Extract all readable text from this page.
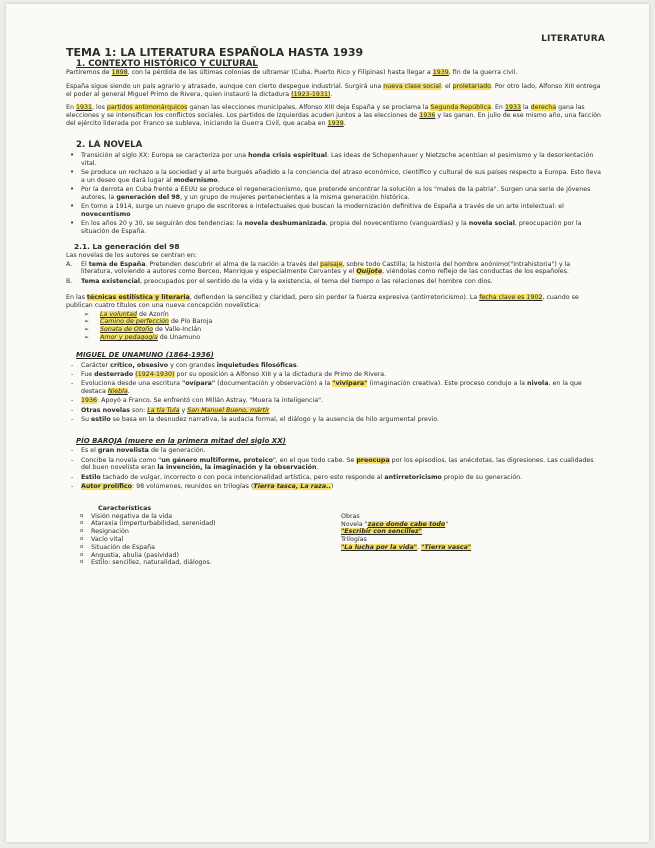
LITERATURA
TEMA 1: LA LITERATURA ESPAÑOLA HASTA 1939
1. CONTEXTO HISTÓRICO Y CULTURAL

Partiremos de 1898, con la pérdida de las últimas colonias de ultramar (Cuba, Puerto Rico y Filipinas) hasta llegar a 1939, fin de la guerra civil.

España sigue siendo un país agrario y atrasado, aunque con cierto despegue industrial. Surgirá una nueva clase social: el proletariado. Por otro lado, Alfonso XIII entrega el poder al general Miguel Primo de Rivera, quien instauró la dictadura (1923-1931).

En 1931, los partidos antimonárquicos ganan las elecciones municipales, Alfonso XIII deja España y se proclama la Segunda República. En 1933 la derecha gana las elecciones y se intensifican los conflictos sociales. Los partidos de izquierdas acuden juntos a las elecciones de 1936 y las ganan. En julio de ese mismo año, una facción del ejército liderada por Franco se subleva, iniciando la Guerra Civil, que acaba en 1939.

2. LA NOVELA
• Transición al siglo XX: Europa se caracteriza por una honda crisis espiritual. Las ideas de Schopenhauer y Nietzsche acentúan el pesimismo y la desorientación vital.
• Se produce un rechazo a la sociedad y al arte burgués añadido a la conciencia del atraso económico, científico y cultural de sus países respecto a Europa. Esto lleva a un deseo que dará lugar al modernismo.
• Por la derrota en Cuba frente a EEUU se produce el regeneracionismo, que pretende encontrar la solución a los "males de la patria". Surgen una serie de jóvenes autores, la generación del 98, y un grupo de mujeres pertenecientes a la misma generación histórica.
• En torno a 1914, surge un nuevo grupo de escritores e intelectuales que buscan la modernización definitiva de España a través de un arte intelectual: el novecentismo
• En los años 20 y 30, se seguirán dos tendencias: la novela deshumanizada, propia del novecentismo (vanguardias) y la novela social, preocupación por la situación de España.
2.1. La generación del 98
Las novelas de los autores se centran en:
A. El tema de España. Pretenden descubrir el alma de la nación a través del paisaje, sobre todo Castilla; la historia del hombre anónimo("intrahistoria") y la literatura, volviendo a autores como Berceo, Manrique y especialmente Cervantes y el Quijote, viéndolas como reflejo de las conductas de los españoles.
B. Tema existencial, preocupados por el sentido de la vida y la existencia, el tema del tiempo o las relaciones del hombre con dios.

En las técnicas estilística y literaria, defienden la sencillez y claridad, pero sin perder la fuerza expresiva (antirretoricismo). La fecha clave es 1902, cuando se publican cuatro títulos con una nueva concepción novelística:

➢ La voluntad de Azorín
➢ Camino de perfección de Pío Baroja
➢ Sonata de Otoño de Valle-Inclán
➢ Amor y pedagogía de Unamuno
MIGUEL DE UNAMUNO (1864-1936)
- Carácter crítico, obsesivo y con grandes inquietudes filosóficas.
- Fue desterrado (1924-1930) por su oposición a Alfonso XIII y a la dictadura de Primo de Rivera.
- Evoluciona desde una escritura "ovípara" (documentación y observación) a la "vivípara" (imaginación creativa). Este proceso condujo a la nivola, en la que destaca Niebla.
- 1936: Apoyó a Franco. Se enfrentó con Millán Astray. "Muera la inteligencia".
- Otras novelas son: La tía Tula y San Manuel Bueno, mártir
- Su estilo se basa en la desnudez narrativa, la audacia formal, el diálogo y la ausencia de hilo argumental previo.
PÍO BAROJA (muere en la primera mitad del siglo XX)
- Es el gran novelista de la generación.
- Concibe la novela como "un género multiforme, proteico", en el que todo cabe. Se preocupa por los episodios, las anécdotas, las digresiones. Las cualidades del buen novelista eran la invención, la imaginación y la observación.
- Estilo tachado de vulgar, incorrecto o con poca intencionalidad artística, pero esto responde al antirretoricismo propio de su generación.
- Autor prolífico: 98 volúmenes, reunidos en trilogías (Tierra tasca, La raza..)
Características
o Visión negativa de la vida
o Ataraxia (imperturbabilidad, serenidad)
o Resignación
o Vacío vital
o Situación de España
o Angustia, abulia (pasividad)
o Estilo: sencillez, naturalidad, diálogos.
Obras
Novela "zaco donde cabe todo"
"Escribir con sencillez"
Trilogías
"La lucha por la vida", "Tierra vasca"
